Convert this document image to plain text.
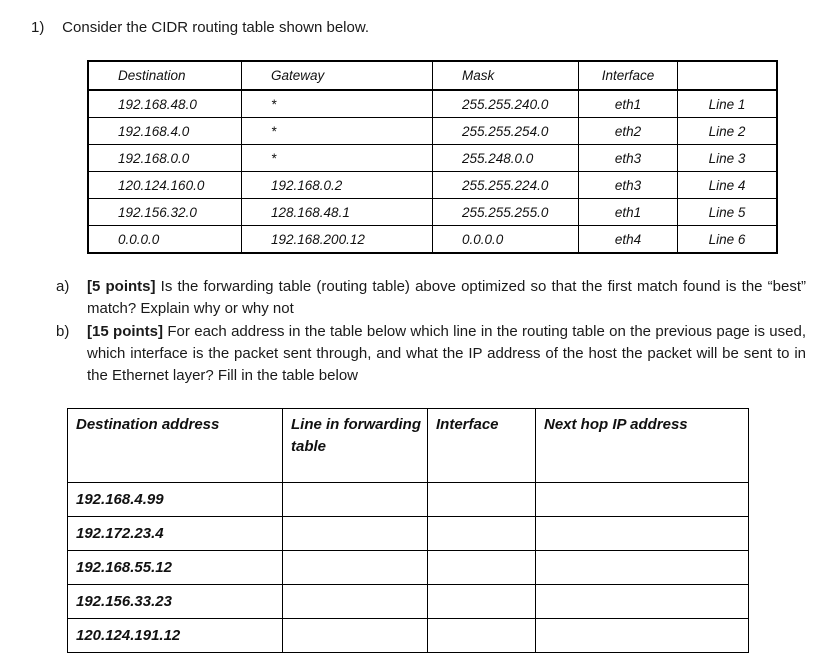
1) Consider the CIDR routing table shown below.
Destination	Gateway	Mask	Interface	
192.168.48.0	*	255.255.240.0	eth1	Line 1
192.168.4.0	*	255.255.254.0	eth2	Line 2
192.168.0.0	*	255.248.0.0	eth3	Line 3
120.124.160.0	192.168.0.2	255.255.224.0	eth3	Line 4
192.156.32.0	128.168.48.1	255.255.255.0	eth1	Line 5
0.0.0.0	192.168.200.12	0.0.0.0	eth4	Line 6
a) [5 points] Is the forwarding table (routing table) above optimized so that the first match found is the “best” match? Explain why or why not
b) [15 points] For each address in the table below which line in the routing table on the previous page is used, which interface is the packet sent through, and what the IP address of the host the packet will be sent to in the Ethernet layer? Fill in the table below
Destination address	Line in forwarding table	Interface	Next hop IP address
192.168.4.99			
192.172.23.4			
192.168.55.12			
192.156.33.23			
120.124.191.12			
